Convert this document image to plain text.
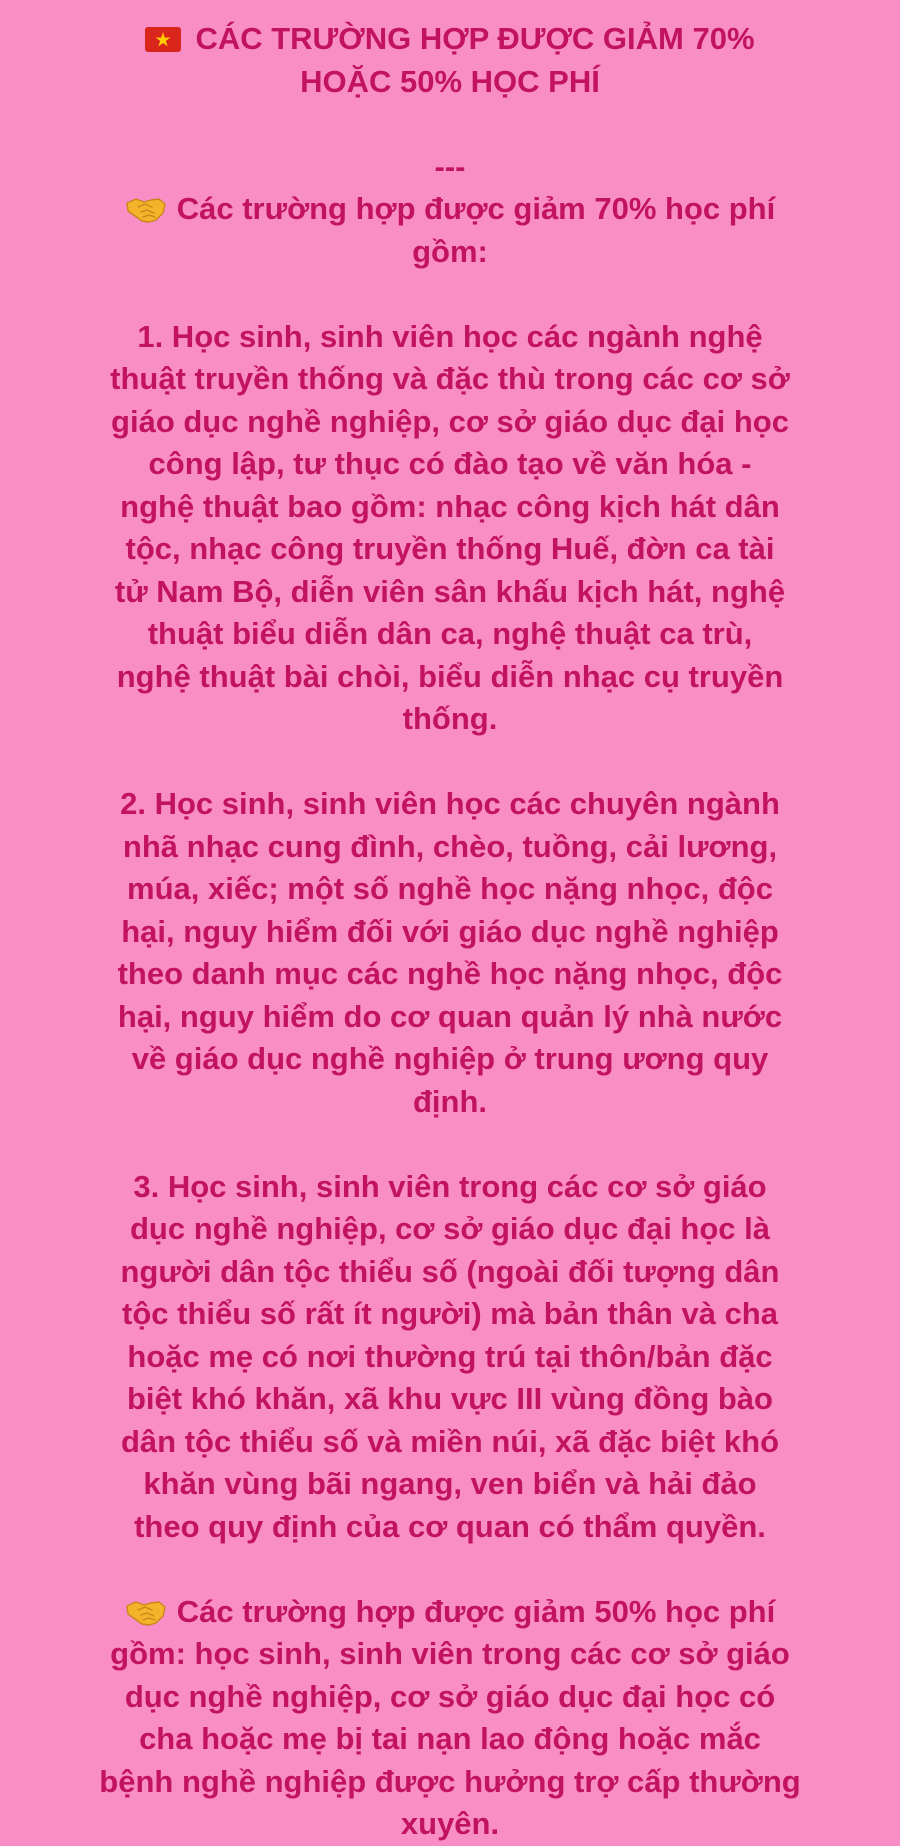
CÁC TRƯỜNG HỢP ĐƯỢC GIẢM 70%
HOẶC 50% HỌC PHÍ
---
Các trường hợp được giảm 70% học phí
gồm:
1. Học sinh, sinh viên học các ngành nghệ
thuật truyền thống và đặc thù trong các cơ sở
giáo dục nghề nghiệp, cơ sở giáo dục đại học
công lập, tư thục có đào tạo về văn hóa -
nghệ thuật bao gồm: nhạc công kịch hát dân
tộc, nhạc công truyền thống Huế, đờn ca tài
tử Nam Bộ, diễn viên sân khấu kịch hát, nghệ
thuật biểu diễn dân ca, nghệ thuật ca trù,
nghệ thuật bài chòi, biểu diễn nhạc cụ truyền
thống.
2. Học sinh, sinh viên học các chuyên ngành
nhã nhạc cung đình, chèo, tuồng, cải lương,
múa, xiếc; một số nghề học nặng nhọc, độc
hại, nguy hiểm đối với giáo dục nghề nghiệp
theo danh mục các nghề học nặng nhọc, độc
hại, nguy hiểm do cơ quan quản lý nhà nước
về giáo dục nghề nghiệp ở trung ương quy
định.
3. Học sinh, sinh viên trong các cơ sở giáo
dục nghề nghiệp, cơ sở giáo dục đại học là
người dân tộc thiểu số (ngoài đối tượng dân
tộc thiểu số rất ít người) mà bản thân và cha
hoặc mẹ có nơi thường trú tại thôn/bản đặc
biệt khó khăn, xã khu vực III vùng đồng bào
dân tộc thiểu số và miền núi, xã đặc biệt khó
khăn vùng bãi ngang, ven biển và hải đảo
theo quy định của cơ quan có thẩm quyền.
Các trường hợp được giảm 50% học phí
gồm: học sinh, sinh viên trong các cơ sở giáo
dục nghề nghiệp, cơ sở giáo dục đại học có
cha hoặc mẹ bị tai nạn lao động hoặc mắc
bệnh nghề nghiệp được hưởng trợ cấp thường
xuyên.
